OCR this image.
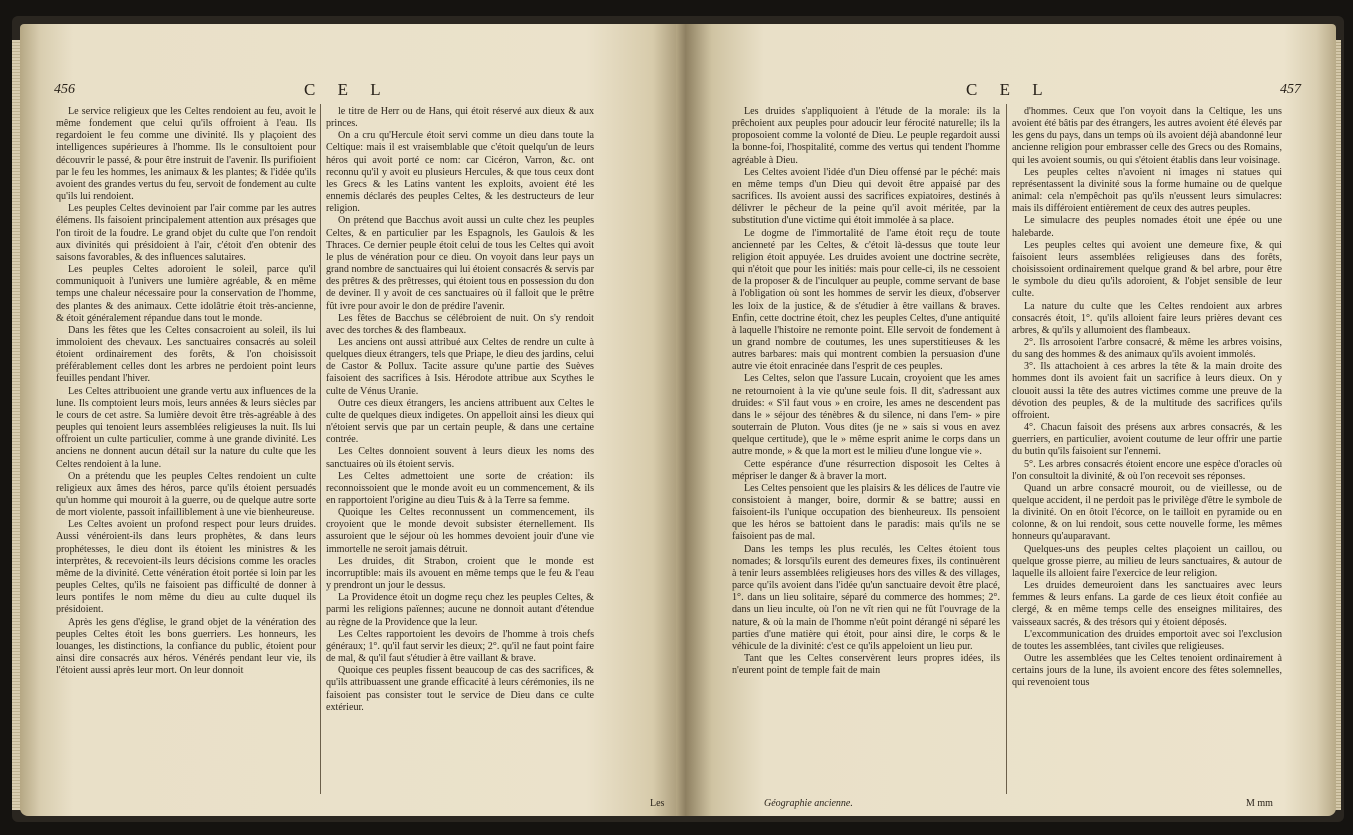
456	C E L

Le service religieux que les Celtes rendoient au feu, avoit le même fondement que celui qu'ils offroient à l'eau. Ils regardoient le feu comme une divinité. Ils y plaçoient des intelligences supérieures à l'homme. Ils le consultoient pour découvrir le passé, & pour être instruit de l'avenir. Ils purifioient par le feu les hommes, les animaux & les plantes; & l'idée qu'ils avoient des grandes vertus du feu, servoit de fondement au culte qu'ils lui rendoient.

Les peuples Celtes devinoient par l'air comme par les autres élémens. Ils faisoient principalement attention aux présages que l'on tiroit de la foudre. Le grand objet du culte que l'on rendoit aux divinités qui présidoient à l'air, c'étoit d'en obtenir des saisons favorables, & des influences salutaires.

Les peuples Celtes adoroient le soleil, parce qu'il communiquoit à l'univers une lumière agréable, & en même temps une chaleur nécessaire pour la conservation de l'homme, des plantes & des animaux. Cette idolâtrie étoit très-ancienne, & étoit généralement répandue dans tout le monde.

Dans les fêtes que les Celtes consacroient au soleil, ils lui immoloient des chevaux. Les sanctuaires consacrés au soleil étoient ordinairement des forêts, & l'on choisissoit préférablement celles dont les arbres ne perdoient point leurs feuilles pendant l'hiver.

Les Celtes attribuoient une grande vertu aux influences de la lune. Ils comptoient leurs mois, leurs années & leurs siècles par le cours de cet astre. Sa lumière devoit être très-agréable à des peuples qui tenoient leurs assemblées religieuses la nuit. Ils lui offroient un culte particulier, comme à une grande divinité. Les anciens ne donnent aucun détail sur la nature du culte que les Celtes rendoient à la lune.

On a prétendu que les peuples Celtes rendoient un culte religieux aux âmes des héros, parce qu'ils étoient persuadés qu'un homme qui mouroit à la guerre, ou de quelque autre sorte de mort violente, passoit infailliblement à une vie bienheureuse.

Les Celtes avoient un profond respect pour leurs druides. Aussi vénéroient-ils dans leurs prophètes, & dans leurs prophétesses, le dieu dont ils étoient les ministres & les interprètes, & recevoient-ils leurs décisions comme les oracles même de la divinité. Cette vénération étoit portée si loin par les peuples Celtes, qu'ils ne faisoient pas difficulté de donner à leurs pontifes le nom même du dieu au culte duquel ils présidoient.

Après les gens d'église, le grand objet de la vénération des peuples Celtes étoit les bons guerriers. Les honneurs, les louanges, les distinctions, la confiance du public, étoient pour ainsi dire consacrés aux héros. Vénérés pendant leur vie, ils l'étoient aussi après leur mort. On leur donnoit

le titre de Herr ou de Hans, qui étoit réservé aux dieux & aux princes.

On a cru qu'Hercule étoit servi comme un dieu dans toute la Celtique: mais il est vraisemblable que c'étoit quelqu'un de leurs héros qui avoit porté ce nom: car Cicéron, Varron, &c. ont reconnu qu'il y avoit eu plusieurs Hercules, & que tous ceux dont les Grecs & les Latins vantent les exploits, avoient été les ennemis déclarés des peuples Celtes, & les destructeurs de leur religion.

On prétend que Bacchus avoit aussi un culte chez les peuples Celtes, & en particulier par les Espagnols, les Gaulois & les Thraces. Ce dernier peuple étoit celui de tous les Celtes qui avoit le plus de vénération pour ce dieu. On voyoit dans leur pays un grand nombre de sanctuaires qui lui étoient consacrés & servis par des prêtres & des prêtresses, qui étoient tous en possession du don de deviner. Il y avoit de ces sanctuaires où il falloit que le prêtre fût ivre pour avoir le don de prédire l'avenir.

Les fêtes de Bacchus se célébroient de nuit. On s'y rendoit avec des torches & des flambeaux.

Les anciens ont aussi attribué aux Celtes de rendre un culte à quelques dieux étrangers, tels que Priape, le dieu des jardins, celui de Castor & Pollux. Tacite assure qu'une partie des Suèves faisoient des sacrifices à Isis. Hérodote attribue aux Scythes le culte de Vénus Uranie.

Outre ces dieux étrangers, les anciens attribuent aux Celtes le culte de quelques dieux indigetes. On appelloit ainsi les dieux qui n'étoient servis que par un certain peuple, & dans une certaine contrée.

Les Celtes donnoient souvent à leurs dieux les noms des sanctuaires où ils étoient servis.

Les Celtes admettoient une sorte de création: ils reconnoissoient que le monde avoit eu un commencement, & ils en rapportoient l'origine au dieu Tuis & à la Terre sa femme.

Quoique les Celtes reconnussent un commencement, ils croyoient que le monde devoit subsister éternellement. Ils assuroient que le séjour où les hommes devoient jouir d'une vie immortelle ne seroit jamais détruit.

Les druides, dit Strabon, croient que le monde est incorruptible: mais ils avouent en même temps que le feu & l'eau y prendront un jour le dessus.

La Providence étoit un dogme reçu chez les peuples Celtes, & parmi les religions païennes; aucune ne donnoit autant d'étendue au règne de la Providence que la leur.

Les Celtes rapportoient les devoirs de l'homme à trois chefs généraux; 1°. qu'il faut servir les dieux; 2°. qu'il ne faut point faire de mal, & qu'il faut s'étudier à être vaillant & brave.

Quoique ces peuples fissent beaucoup de cas des sacrifices, & qu'ils attribuassent une grande efficacité à leurs cérémonies, ils ne faisoient pas consister tout le service de Dieu dans ce culte extérieur.

Les
C E L	457

Les druides s'appliquoient à l'étude de la morale: ils la prêchoient aux peuples pour adoucir leur férocité naturelle; ils la proposoient comme la volonté de Dieu. Le peuple regardoit aussi la bonne-foi, l'hospitalité, comme des vertus qui tendent l'homme agréable à Dieu.

Les Celtes avoient l'idée d'un Dieu offensé par le péché: mais en même temps d'un Dieu qui devoit être appaisé par des sacrifices. Ils avoient aussi des sacrifices expiatoires, destinés à délivrer le pêcheur de la peine qu'il avoit méritée, par la substitution d'une victime qui étoit immolée à sa place.

Le dogme de l'immortalité de l'ame étoit reçu de toute ancienneté par les Celtes, & c'étoit là-dessus que toute leur religion étoit appuyée. Les druides avoient une doctrine secrète, qui n'étoit que pour les initiés: mais pour celle-ci, ils ne cessoient de la proposer & de l'inculquer au peuple, comme servant de base à l'obligation où sont les hommes de servir les dieux, d'observer les loix de la justice, & de s'étudier à être vaillans & braves. Enfin, cette doctrine étoit, chez les peuples Celtes, d'une antiquité à laquelle l'histoire ne remonte point. Elle servoit de fondement à un grand nombre de coutumes, les unes superstitieuses & les autres barbares: mais qui montrent combien la persuasion d'une autre vie étoit enracinée dans l'esprit de ces peuples.

Les Celtes, selon que l'assure Lucain, croyoient que les ames ne retournoient à la vie qu'une seule fois. Il dit, s'adressant aux druides: « S'il faut vous » en croire, les ames ne descendent pas dans le » séjour des ténèbres & du silence, ni dans l'em- » pire souterrain de Pluton. Vous dites (je ne » sais si vous en avez quelque certitude), que le » même esprit anime le corps dans un autre monde, » & que la mort est le milieu d'une longue vie ».

Cette espérance d'une résurrection disposoit les Celtes à mépriser le danger & à braver la mort.

Les Celtes pensoient que les plaisirs & les délices de l'autre vie consistoient à manger, boire, dormir & se battre; aussi en faisoient-ils l'unique occupation des bienheureux. Ils pensoient que les héros se battoient dans le paradis: mais qu'ils ne se faisoient pas de mal.

Dans les temps les plus reculés, les Celtes étoient tous nomades; & lorsqu'ils eurent des demeures fixes, ils continuèrent à tenir leurs assemblées religieuses hors des villes & des villages, parce qu'ils avoient dans l'idée qu'un sanctuaire devoit être placé, 1°. dans un lieu solitaire, séparé du commerce des hommes; 2°. dans un lieu inculte, où l'on ne vît rien qui ne fût l'ouvrage de la nature, & où la main de l'homme n'eût point dérangé ni séparé les parties d'une matière qui étoit, pour ainsi dire, le corps & le véhicule de la divinité: c'est ce qu'ils appeloient un lieu pur.

Tant que les Celtes conservèrent leurs propres idées, ils n'eurent point de temple fait de main

d'hommes. Ceux que l'on voyoit dans la Celtique, les uns avoient été bâtis par des étrangers, les autres avoient été élevés par les gens du pays, dans un temps où ils avoient déjà abandonné leur ancienne religion pour embrasser celle des Grecs ou des Romains, qui les avoient soumis, ou qui s'étoient établis dans leur voisinage.

Les peuples celtes n'avoient ni images ni statues qui représentassent la divinité sous la forme humaine ou de quelque animal: cela n'empêchoit pas qu'ils n'eussent leurs simulacres: mais ils différoient entièrement de ceux des autres peuples.

Le simulacre des peuples nomades étoit une épée ou une halebarde.

Les peuples celtes qui avoient une demeure fixe, & qui faisoient leurs assemblées religieuses dans des forêts, choisissoient ordinairement quelque grand & bel arbre, pour être le symbole du dieu qu'ils adoroient, & l'objet sensible de leur culte.

La nature du culte que les Celtes rendoient aux arbres consacrés étoit, 1°. qu'ils alloient faire leurs prières devant ces arbres, & qu'ils y allumoient des flambeaux.

2°. Ils arrosoient l'arbre consacré, & même les arbres voisins, du sang des hommes & des animaux qu'ils avoient immolés.

3°. Ils attachoient à ces arbres la tête & la main droite des hommes dont ils avoient fait un sacrifice à leurs dieux. On y clouoit aussi la tête des autres victimes comme une preuve de la dévotion des peuples, & de la multitude des sacrifices qu'ils offroient.

4°. Chacun faisoit des présens aux arbres consacrés, & les guerriers, en particulier, avoient coutume de leur offrir une partie du butin qu'ils faisoient sur l'ennemi.

5°. Les arbres consacrés étoient encore une espèce d'oracles où l'on consultoit la divinité, & où l'on recevoit ses réponses.

Quand un arbre consacré mouroit, ou de vieillesse, ou de quelque accident, il ne perdoit pas le privilège d'être le symbole de la divinité. On en ôtoit l'écorce, on le tailloit en pyramide ou en colonne, & on lui rendoit, sous cette nouvelle forme, les mêmes honneurs qu'auparavant.

Quelques-uns des peuples celtes plaçoient un caillou, ou quelque grosse pierre, au milieu de leurs sanctuaires, & autour de laquelle ils alloient faire l'exercice de leur religion.

Les druides demeuroient dans les sanctuaires avec leurs femmes & leurs enfans. La garde de ces lieux étoit confiée au clergé, & en même temps celle des enseignes militaires, des vaisseaux sacrés, & des trésors qui y étoient déposés.

L'excommunication des druides emportoit avec soi l'exclusion de toutes les assemblées, tant civiles que religieuses.

Outre les assemblées que les Celtes tenoient ordinairement à certains jours de la lune, ils avoient encore des fêtes solemnelles, qui revenoient tous

Géographie ancienne.	M mm
